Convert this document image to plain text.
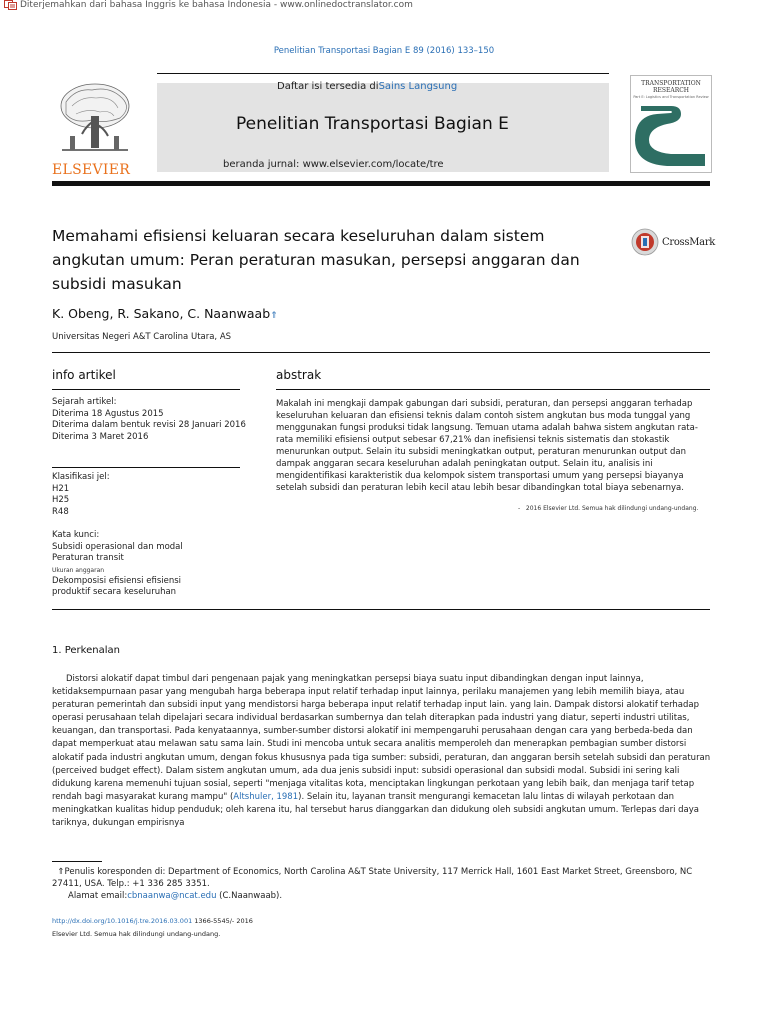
Diterjemahkan dari bahasa Inggris ke bahasa Indonesia - www.onlinedoctranslator.com
Penelitian Transportasi Bagian E 89 (2016) 133–150
ELSEVIER
Daftar isi tersedia diSains Langsung
Penelitian Transportasi Bagian E
beranda jurnal: www.elsevier.com/locate/tre
TRANSPORTATION
RESEARCH
Part E: Logistics and Transportation Review
Memahami efisiensi keluaran secara keseluruhan dalam sistem angkutan umum: Peran peraturan masukan, persepsi anggaran dan subsidi masukan
CrossMark
K. Obeng, R. Sakano, C. Naanwaab⇑
Universitas Negeri A&T Carolina Utara, AS
info artikel
Sejarah artikel:
Diterima 18 Agustus 2015
Diterima dalam bentuk revisi 28 Januari 2016
Diterima 3 Maret 2016
Klasifikasi jel:
H21
H25
R48
Kata kunci:
Subsidi operasional dan modal
Peraturan transit
Ukuran anggaran
Dekomposisi efisiensi efisiensi
produktif secara keseluruhan
abstrak
Makalah ini mengkaji dampak gabungan dari subsidi, peraturan, dan persepsi anggaran terhadap keseluruhan keluaran dan efisiensi teknis dalam contoh sistem angkutan bus moda tunggal yang menggunakan fungsi produksi tidak langsung. Temuan utama adalah bahwa sistem angkutan rata-rata memiliki efisiensi output sebesar 67,21% dan inefisiensi teknis sistematis dan stokastik menurunkan output. Selain itu subsidi meningkatkan output, peraturan menurunkan output dan dampak anggaran secara keseluruhan adalah peningkatan output. Selain itu, analisis ini mengidentifikasi karakteristik dua kelompok sistem transportasi umum yang persepsi biayanya setelah subsidi dan peraturan lebih kecil atau lebih besar dibandingkan total biaya sebenarnya.
-   2016 Elsevier Ltd. Semua hak dilindungi undang-undang.
1. Perkenalan
Distorsi alokatif dapat timbul dari pengenaan pajak yang meningkatkan persepsi biaya suatu input dibandingkan dengan input lainnya, ketidaksempurnaan pasar yang mengubah harga beberapa input relatif terhadap input lainnya, perilaku manajemen yang lebih memilih biaya, atau peraturan pemerintah dan subsidi input yang mendistorsi harga beberapa input relatif terhadap input lain. yang lain. Dampak distorsi alokatif terhadap operasi perusahaan telah dipelajari secara individual berdasarkan sumbernya dan telah diterapkan pada industri yang diatur, seperti industri utilitas, keuangan, dan transportasi. Pada kenyataannya, sumber-sumber distorsi alokatif ini mempengaruhi perusahaan dengan cara yang berbeda-beda dan dapat memperkuat atau melawan satu sama lain. Studi ini mencoba untuk secara analitis memperoleh dan menerapkan pembagian sumber distorsi alokatif pada industri angkutan umum, dengan fokus khususnya pada tiga sumber: subsidi, peraturan, dan anggaran bersih setelah subsidi dan peraturan (perceived budget effect). Dalam sistem angkutan umum, ada dua jenis subsidi input: subsidi operasional dan subsidi modal. Subsidi ini sering kali didukung karena memenuhi tujuan sosial, seperti "menjaga vitalitas kota, menciptakan lingkungan perkotaan yang lebih baik, dan menjaga tarif tetap rendah bagi masyarakat kurang mampu" (Altshuler, 1981). Selain itu, layanan transit mengurangi kemacetan lalu lintas di wilayah perkotaan dan meningkatkan kualitas hidup penduduk; oleh karena itu, hal tersebut harus dianggarkan dan didukung oleh subsidi angkutan umum. Terlepas dari daya tariknya, dukungan empirisnya
⇑Penulis koresponden di: Department of Economics, North Carolina A&T State University, 117 Merrick Hall, 1601 East Market Street, Greensboro, NC 27411, USA. Telp.: +1 336 285 3351.
Alamat email:cbnaanwa@ncat.edu (C.Naanwaab).
http://dx.doi.org/10.1016/j.tre.2016.03.001 1366-5545/- 2016
Elsevier Ltd. Semua hak dilindungi undang-undang.
